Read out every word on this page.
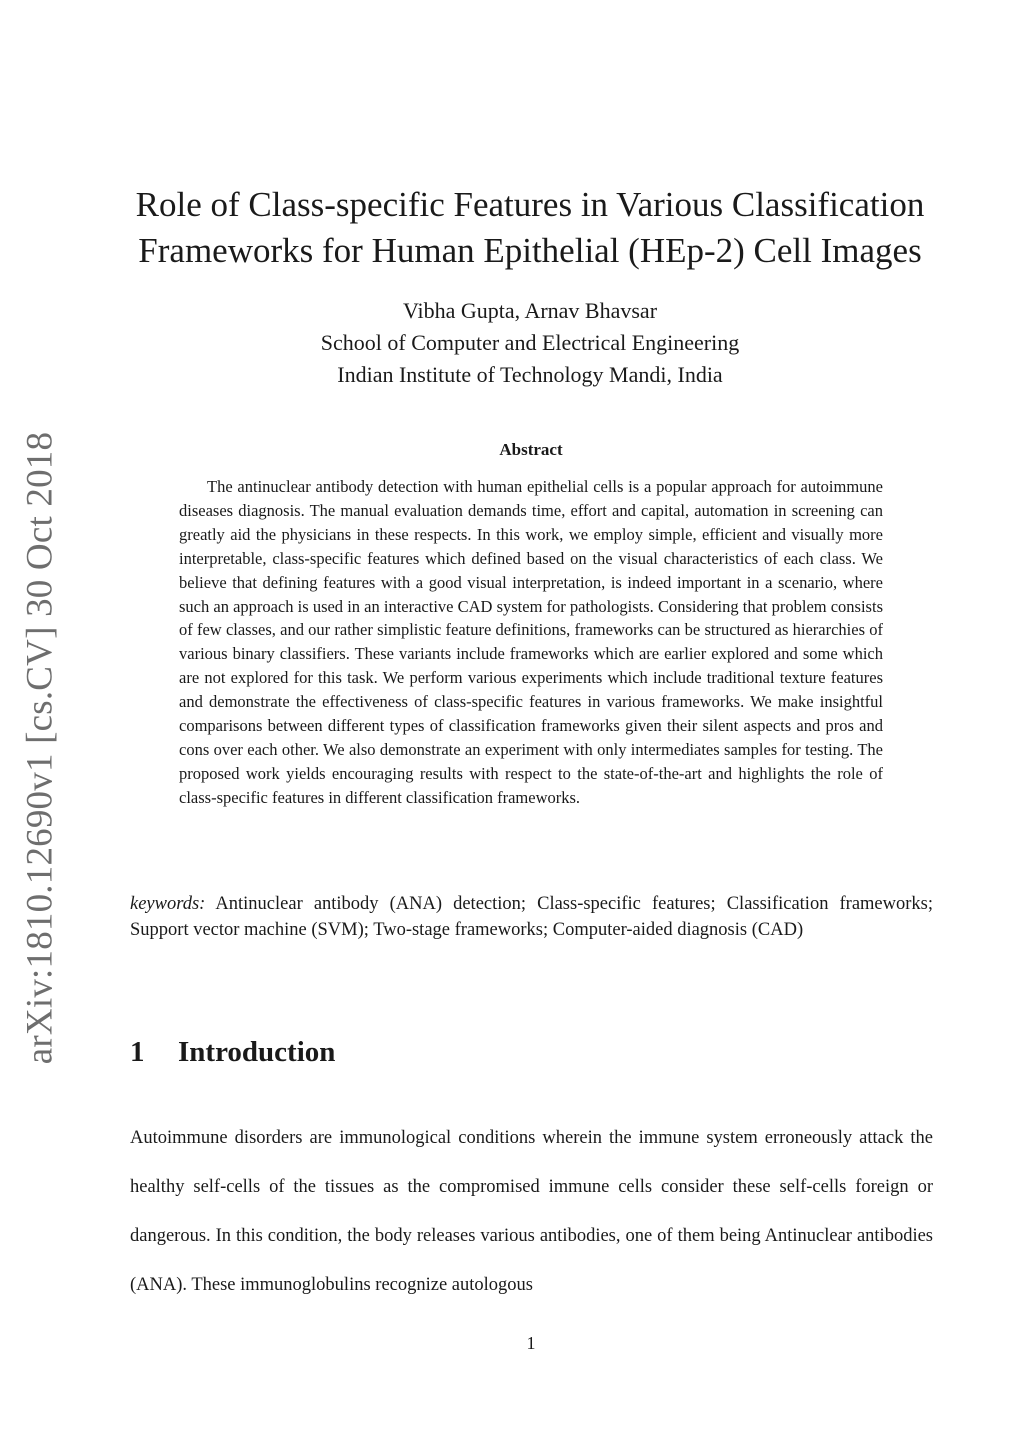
arXiv:1810.12690v1 [cs.CV] 30 Oct 2018
Role of Class-specific Features in Various Classification
Frameworks for Human Epithelial (HEp-2) Cell Images
Vibha Gupta, Arnav Bhavsar
School of Computer and Electrical Engineering
Indian Institute of Technology Mandi, India
Abstract

The antinuclear antibody detection with human epithelial cells is a popular approach for autoimmune diseases diagnosis. The manual evaluation demands time, effort and capital, automation in screening can greatly aid the physicians in these respects. In this work, we employ simple, efficient and visually more interpretable, class-specific features which defined based on the visual characteristics of each class. We believe that defining features with a good visual interpretation, is indeed important in a scenario, where such an approach is used in an interactive CAD system for pathologists. Considering that problem consists of few classes, and our rather simplistic feature definitions, frameworks can be structured as hierarchies of various binary classifiers. These variants include frameworks which are earlier explored and some which are not explored for this task. We perform various experiments which include traditional texture features and demonstrate the effectiveness of class-specific features in various frameworks. We make insightful comparisons between different types of classification frameworks given their silent aspects and pros and cons over each other. We also demonstrate an experiment with only intermediates samples for testing. The proposed work yields encouraging results with respect to the state-of-the-art and highlights the role of class-specific features in different classification frameworks.

keywords: Antinuclear antibody (ANA) detection; Class-specific features; Classification frameworks; Support vector machine (SVM); Two-stage frameworks; Computer-aided diagnosis (CAD)

1 Introduction

Autoimmune disorders are immunological conditions wherein the immune system erroneously attack the healthy self-cells of the tissues as the compromised immune cells consider these self-cells foreign or dangerous. In this condition, the body releases various antibodies, one of them being Antinuclear antibodies (ANA). These immunoglobulins recognize autologous

1
